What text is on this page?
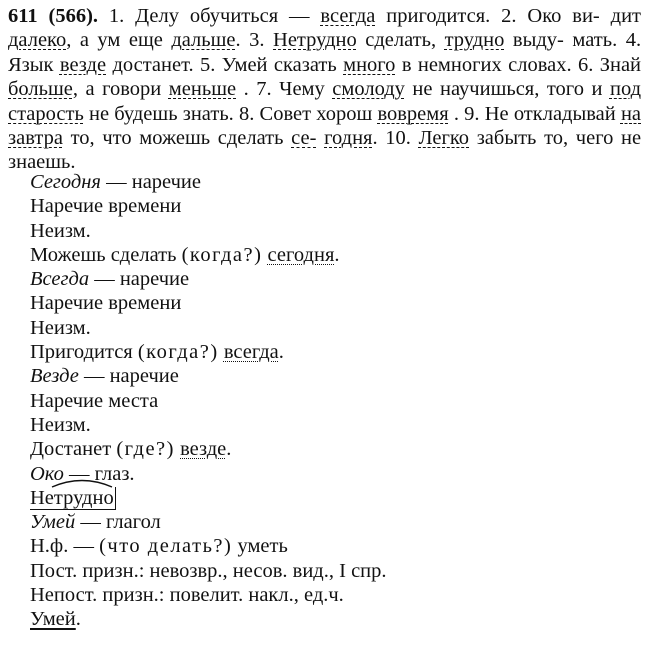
611 (566). 1. Делу обучиться — всегда пригодится. 2. Око ви- дит далеко, а ум еще дальше. 3. Нетрудно сделать, трудно выду- мать. 4. Язык везде достанет. 5. Умей сказать много в немногих словах. 6. Знай больше, а говори меньше . 7. Чему смолоду не научишься, того и под старость не будешь знать. 8. Совет хорош вовремя . 9. Не откладывай на завтра то, что можешь сделать се- годня. 10. Легко забыть то, чего не знаешь.

Сегодня — наречие
Наречие времени
Неизм.
Можешь сделать (когда?) сегодня.
Всегда — наречие
Наречие времени
Неизм.
Пригодится (когда?) всегда.
Везде — наречие
Наречие места
Неизм.
Достанет (где?) везде.
Око — глаз.
Нетрудно
Умей — глагол
Н.ф. — (что делать?) уметь
Пост. призн.: невозвр., несов. вид., I спр.
Непост. призн.: повелит. накл., ед.ч.
Умей.
